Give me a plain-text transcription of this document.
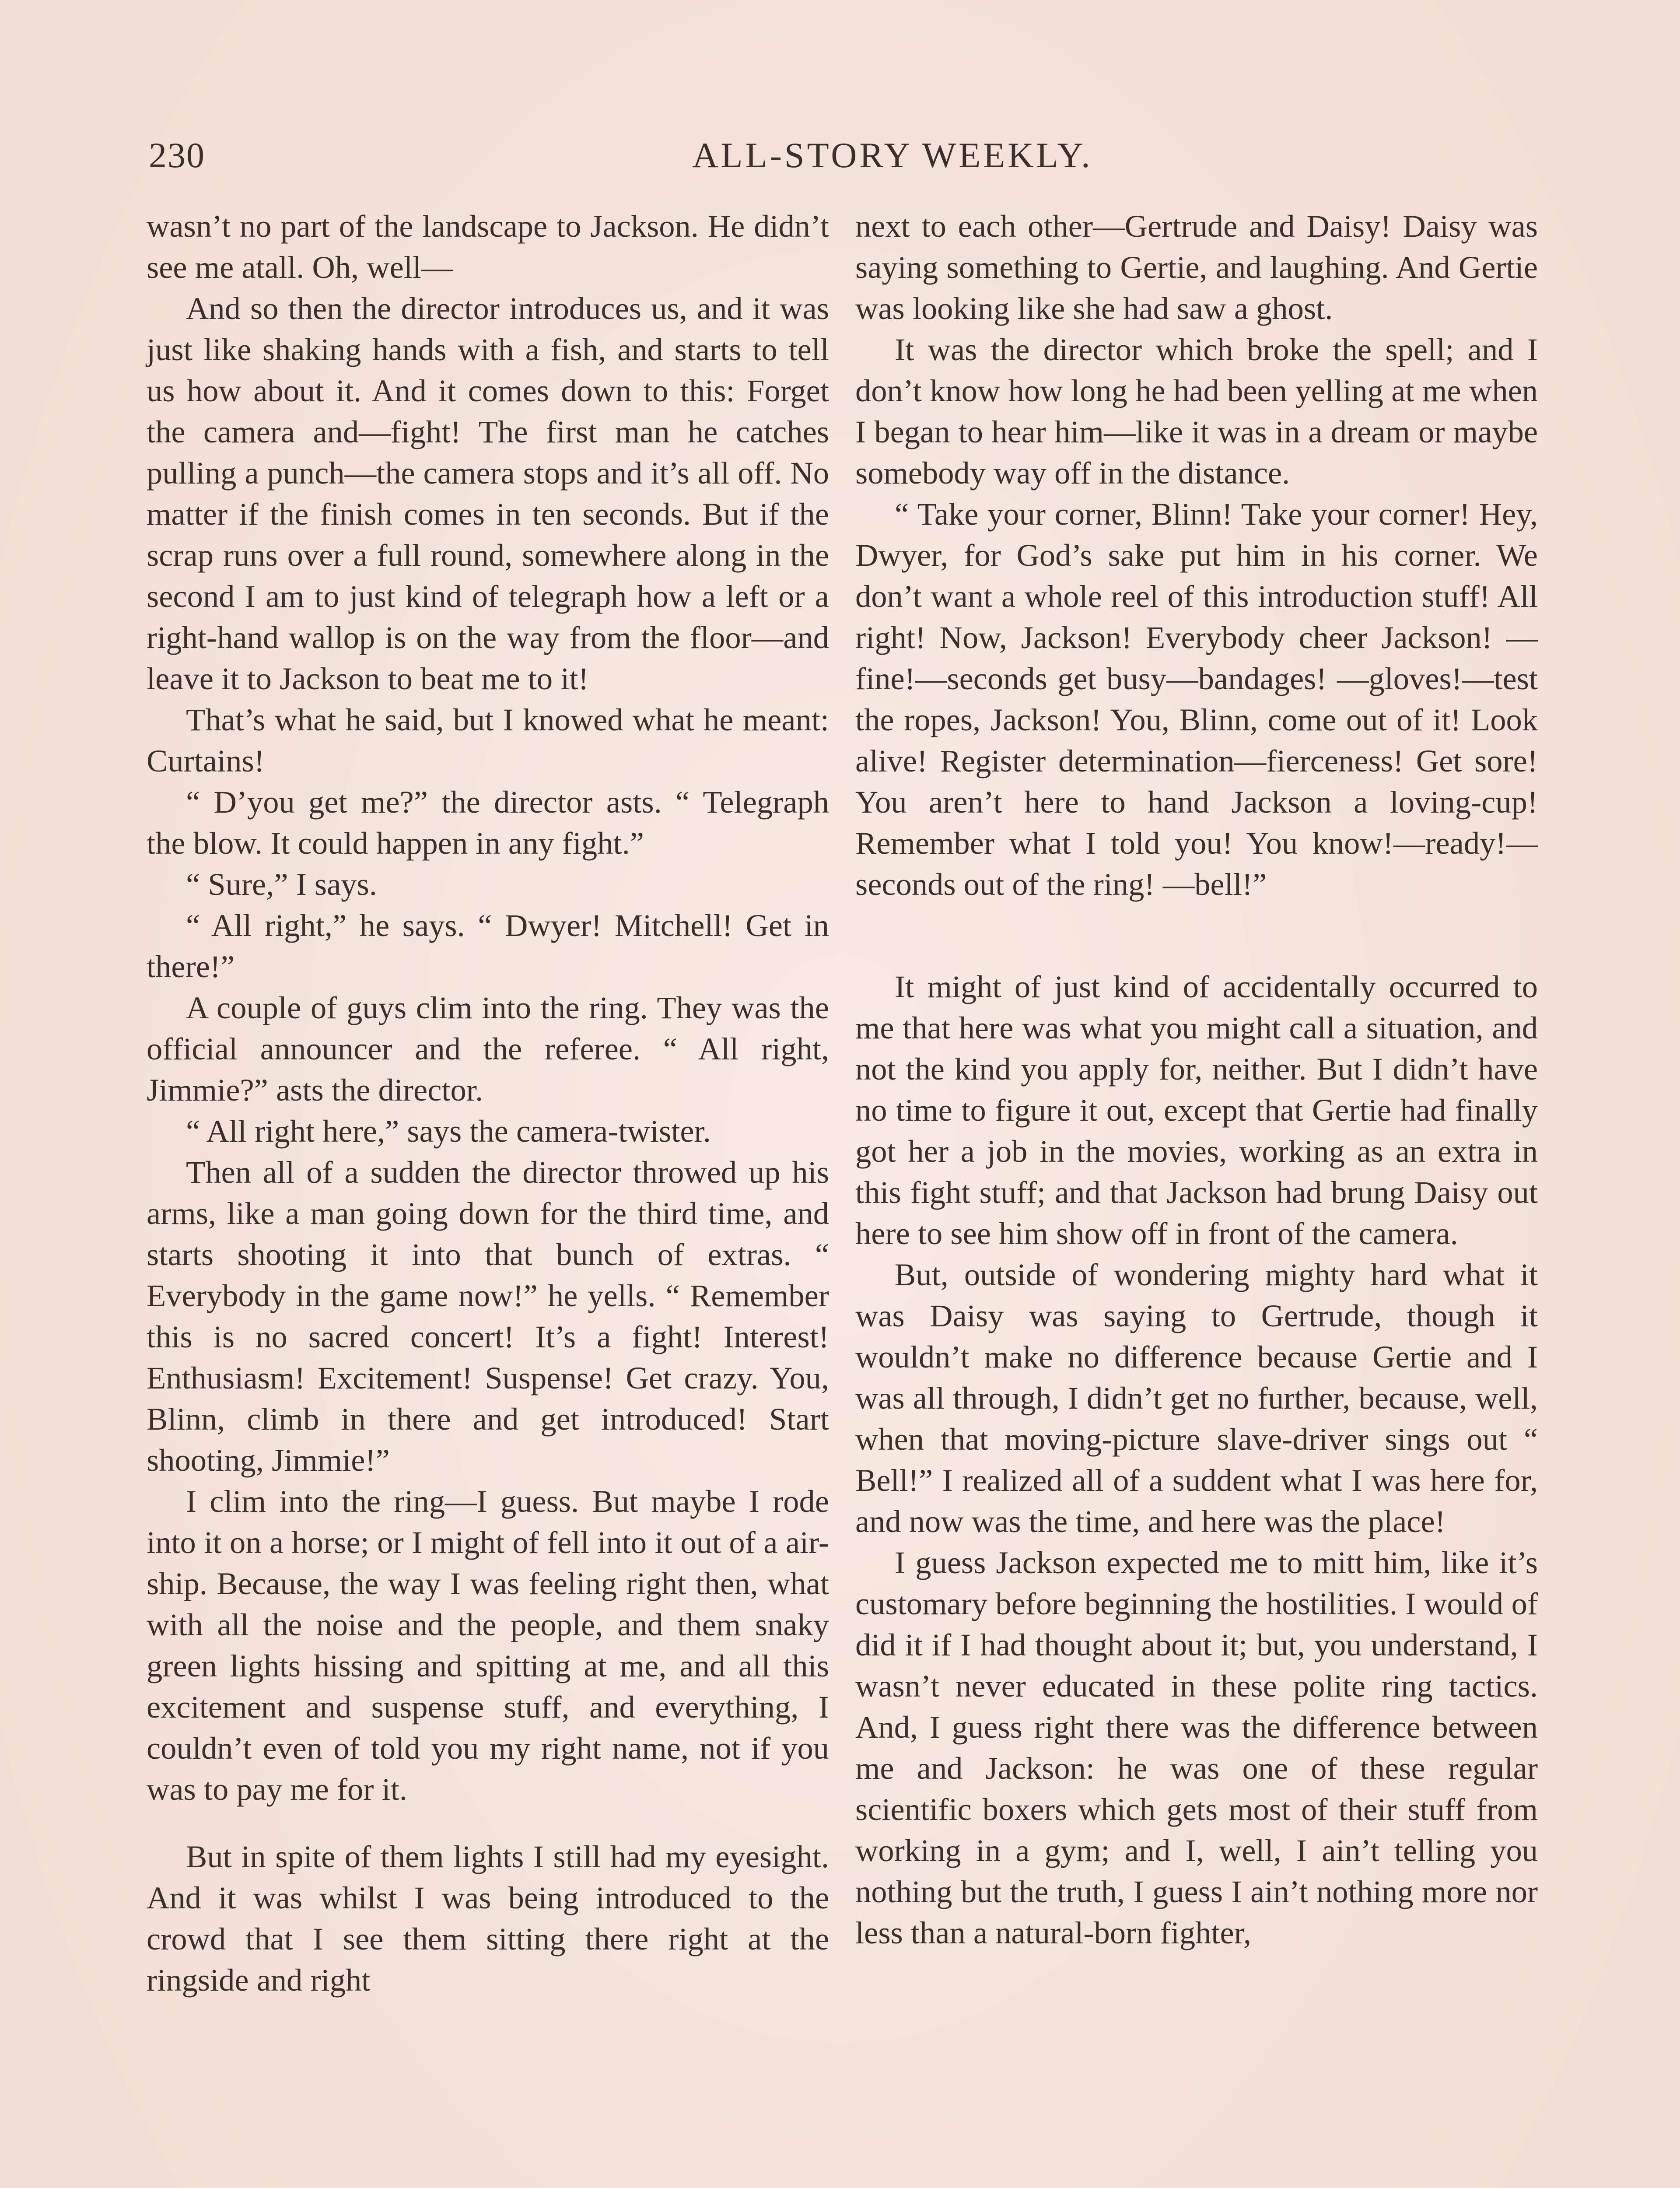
230	ALL-STORY WEEKLY.

wasn’t no part of the landscape to Jackson. He didn’t see me atall. Oh, well—

And so then the director introduces us, and it was just like shaking hands with a fish, and starts to tell us how about it. And it comes down to this: Forget the camera and—fight! The first man he catches pulling a punch—the camera stops and it’s all off. No matter if the finish comes in ten seconds. But if the scrap runs over a full round, somewhere along in the second I am to just kind of telegraph how a left or a right-hand wallop is on the way from the floor—and leave it to Jackson to beat me to it!

That’s what he said, but I knowed what he meant: Curtains!

“ D’you get me?” the director asts. “ Telegraph the blow. It could happen in any fight.”

“ Sure,” I says.

“ All right,” he says. “ Dwyer! Mitchell! Get in there!”

A couple of guys clim into the ring. They was the official announcer and the referee. “ All right, Jimmie?” asts the director.

“ All right here,” says the camera-twister.

Then all of a sudden the director throwed up his arms, like a man going down for the third time, and starts shooting it into that bunch of extras. “ Everybody in the game now!” he yells. “ Remember this is no sacred concert! It’s a fight! Interest! Enthusiasm! Excitement! Suspense! Get crazy. You, Blinn, climb in there and get introduced! Start shooting, Jimmie!”

I clim into the ring—I guess. But maybe I rode into it on a horse; or I might of fell into it out of a air-ship. Because, the way I was feeling right then, what with all the noise and the people, and them snaky green lights hissing and spitting at me, and all this excitement and suspense stuff, and everything, I couldn’t even of told you my right name, not if you was to pay me for it.

But in spite of them lights I still had my eyesight. And it was whilst I was being introduced to the crowd that I see them sitting there right at the ringside and right

next to each other—Gertrude and Daisy! Daisy was saying something to Gertie, and laughing. And Gertie was looking like she had saw a ghost.

It was the director which broke the spell; and I don’t know how long he had been yelling at me when I began to hear him—like it was in a dream or maybe somebody way off in the distance.

“ Take your corner, Blinn! Take your corner! Hey, Dwyer, for God’s sake put him in his corner. We don’t want a whole reel of this introduction stuff! All right! Now, Jackson! Everybody cheer Jackson! —fine!—seconds get busy—bandages! —gloves!—test the ropes, Jackson! You, Blinn, come out of it! Look alive! Register determination—fierceness! Get sore! You aren’t here to hand Jackson a loving-cup! Remember what I told you! You know!—ready!—seconds out of the ring! —bell!”

It might of just kind of accidentally occurred to me that here was what you might call a situation, and not the kind you apply for, neither. But I didn’t have no time to figure it out, except that Gertie had finally got her a job in the movies, working as an extra in this fight stuff; and that Jackson had brung Daisy out here to see him show off in front of the camera.

But, outside of wondering mighty hard what it was Daisy was saying to Gertrude, though it wouldn’t make no difference because Gertie and I was all through, I didn’t get no further, because, well, when that moving-picture slave-driver sings out “ Bell!” I realized all of a suddent what I was here for, and now was the time, and here was the place!

I guess Jackson expected me to mitt him, like it’s customary before beginning the hostilities. I would of did it if I had thought about it; but, you understand, I wasn’t never educated in these polite ring tactics. And, I guess right there was the difference between me and Jackson: he was one of these regular scientific boxers which gets most of their stuff from working in a gym; and I, well, I ain’t telling you nothing but the truth, I guess I ain’t nothing more nor less than a natural-born fighter,
